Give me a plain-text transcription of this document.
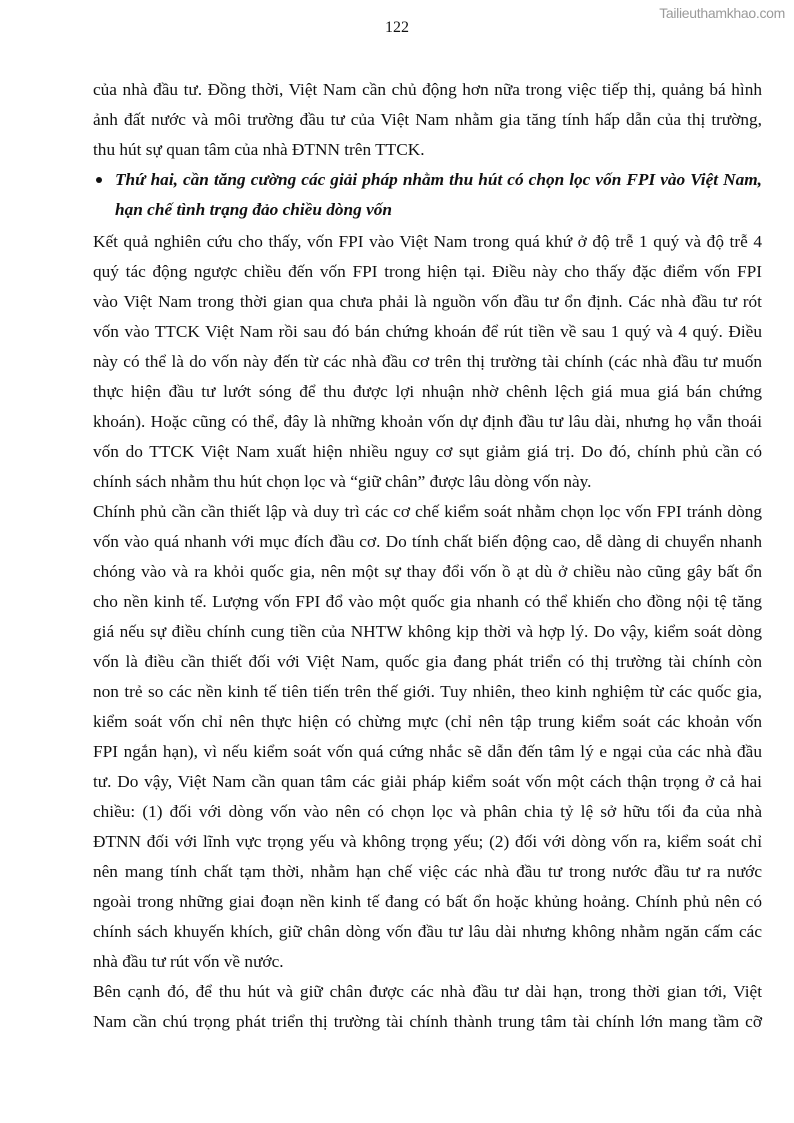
Tailieuthamkhao.com
122
của nhà đầu tư. Đồng thời, Việt Nam cần chủ động hơn nữa trong việc tiếp thị, quảng bá hình
ảnh đất nước và môi trường đầu tư của Việt Nam nhằm gia tăng tính hấp dẫn của thị trường,
thu hút sự quan tâm của nhà ĐTNN trên TTCK.
Thứ hai, cần tăng cường các giải pháp nhằm thu hút có chọn lọc vốn FPI vào Việt Nam,
hạn chế tình trạng đảo chiều dòng vốn
Kết quả nghiên cứu cho thấy, vốn FPI vào Việt Nam trong quá khứ ở độ trễ 1 quý và độ trễ 4
quý tác động ngược chiều đến vốn FPI trong hiện tại. Điều này cho thấy đặc điểm vốn FPI
vào Việt Nam trong thời gian qua chưa phải là nguồn vốn đầu tư ổn định. Các nhà đầu tư rót
vốn vào TTCK Việt Nam rồi sau đó bán chứng khoán để rút tiền về sau 1 quý và 4 quý. Điều
này có thể là do vốn này đến từ các nhà đầu cơ trên thị trường tài chính (các nhà đầu tư muốn
thực hiện đầu tư lướt sóng để thu được lợi nhuận nhờ chênh lệch giá mua giá bán chứng
khoán). Hoặc cũng có thể, đây là những khoản vốn dự định đầu tư lâu dài, nhưng họ vẫn thoái
vốn do TTCK Việt Nam xuất hiện nhiều nguy cơ sụt giảm giá trị. Do đó, chính phủ cần có
chính sách nhằm thu hút chọn lọc và “giữ chân” được lâu dòng vốn này.
Chính phủ cần cần thiết lập và duy trì các cơ chế kiểm soát nhằm chọn lọc vốn FPI tránh dòng
vốn vào quá nhanh với mục đích đầu cơ. Do tính chất biến động cao, dễ dàng di chuyển nhanh
chóng vào và ra khỏi quốc gia, nên một sự thay đổi vốn ồ ạt dù ở chiều nào cũng gây bất ổn
cho nền kinh tế. Lượng vốn FPI đổ vào một quốc gia nhanh có thể khiến cho đồng nội tệ tăng
giá nếu sự điều chính cung tiền của NHTW không kịp thời và hợp lý. Do vậy, kiểm soát dòng
vốn là điều cần thiết đối với Việt Nam, quốc gia đang phát triển có thị trường tài chính còn
non trẻ so các nền kinh tế tiên tiến trên thế giới. Tuy nhiên, theo kinh nghiệm từ các quốc gia,
kiểm soát vốn chỉ nên thực hiện có chừng mực (chỉ nên tập trung kiểm soát các khoản vốn
FPI ngắn hạn), vì nếu kiểm soát vốn quá cứng nhắc sẽ dẫn đến tâm lý e ngại của các nhà đầu
tư. Do vậy, Việt Nam cần quan tâm các giải pháp kiểm soát vốn một cách thận trọng ở cả hai
chiều: (1) đối với dòng vốn vào nên có chọn lọc và phân chia tỷ lệ sở hữu tối đa của nhà
ĐTNN đối với lĩnh vực trọng yếu và không trọng yếu; (2) đối với dòng vốn ra, kiểm soát chỉ
nên mang tính chất tạm thời, nhằm hạn chế việc các nhà đầu tư trong nước đầu tư ra nước
ngoài trong những giai đoạn nền kinh tế đang có bất ổn hoặc khủng hoảng. Chính phủ nên có
chính sách khuyến khích, giữ chân dòng vốn đầu tư lâu dài nhưng không nhằm ngăn cấm các
nhà đầu tư rút vốn về nước.
Bên cạnh đó, để thu hút và giữ chân được các nhà đầu tư dài hạn, trong thời gian tới, Việt
Nam cần chú trọng phát triển thị trường tài chính thành trung tâm tài chính lớn mang tầm cỡ
